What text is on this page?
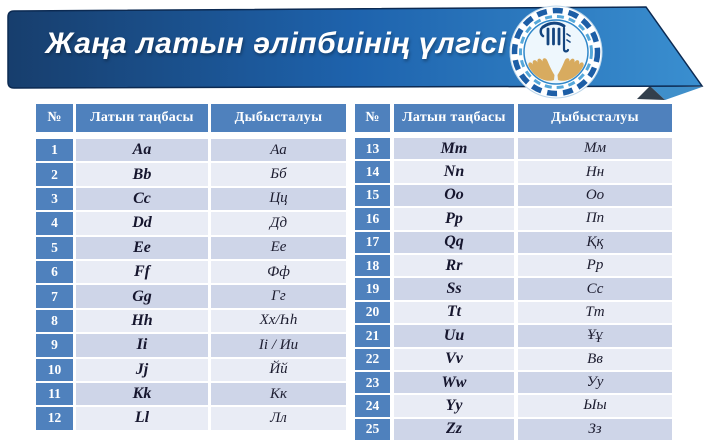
Жаңа латын әліпбиінің үлгісі
№	Латын таңбасы	Дыбысталуы
1	Aa	Аа
2	Bb	Бб
3	Cc	Цц
4	Dd	Дд
5	Ee	Ее
6	Ff	Фф
7	Gg	Гг
8	Hh	Хх/Һһ
9	Ii	Іі / Ии
10	Jj	Йй
11	Kk	Кк
12	Ll	Лл
№	Латын таңбасы	Дыбысталуы
13	Mm	Мм
14	Nn	Нн
15	Oo	Оо
16	Pp	Пп
17	Qq	Ққ
18	Rr	Рр
19	Ss	Сс
20	Tt	Тт
21	Uu	Ұұ
22	Vv	Вв
23	Ww	Уу
24	Yy	Ыы
25	Zz	Зз
